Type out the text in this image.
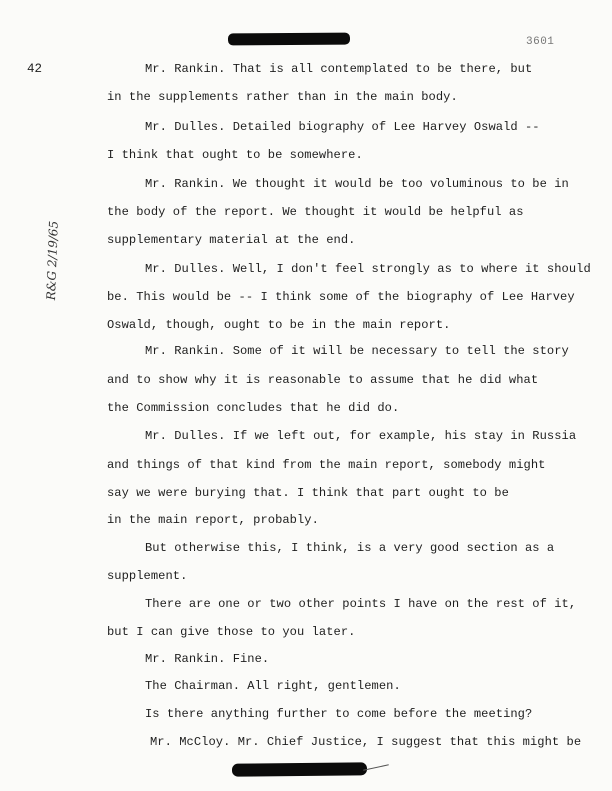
3601
42
R&G 2/19/65
Mr. Rankin. That is all contemplated to be there, but
in the supplements rather than in the main body.
Mr. Dulles. Detailed biography of Lee Harvey Oswald --
I think that ought to be somewhere.
Mr. Rankin. We thought it would be too voluminous to be in
the body of the report. We thought it would be helpful as
supplementary material at the end.
Mr. Dulles. Well, I don't feel strongly as to where it should
be. This would be -- I think some of the biography of Lee Harvey
Oswald, though, ought to be in the main report.
Mr. Rankin. Some of it will be necessary to tell the story
and to show why it is reasonable to assume that he did what
the Commission concludes that he did do.
Mr. Dulles. If we left out, for example, his stay in Russia
and things of that kind from the main report, somebody might
say we were burying that. I think that part ought to be
in the main report, probably.
But otherwise this, I think, is a very good section as a
supplement.
There are one or two other points I have on the rest of it,
but I can give those to you later.
Mr. Rankin. Fine.
The Chairman. All right, gentlemen.
Is there anything further to come before the meeting?
Mr. McCloy. Mr. Chief Justice, I suggest that this might be
